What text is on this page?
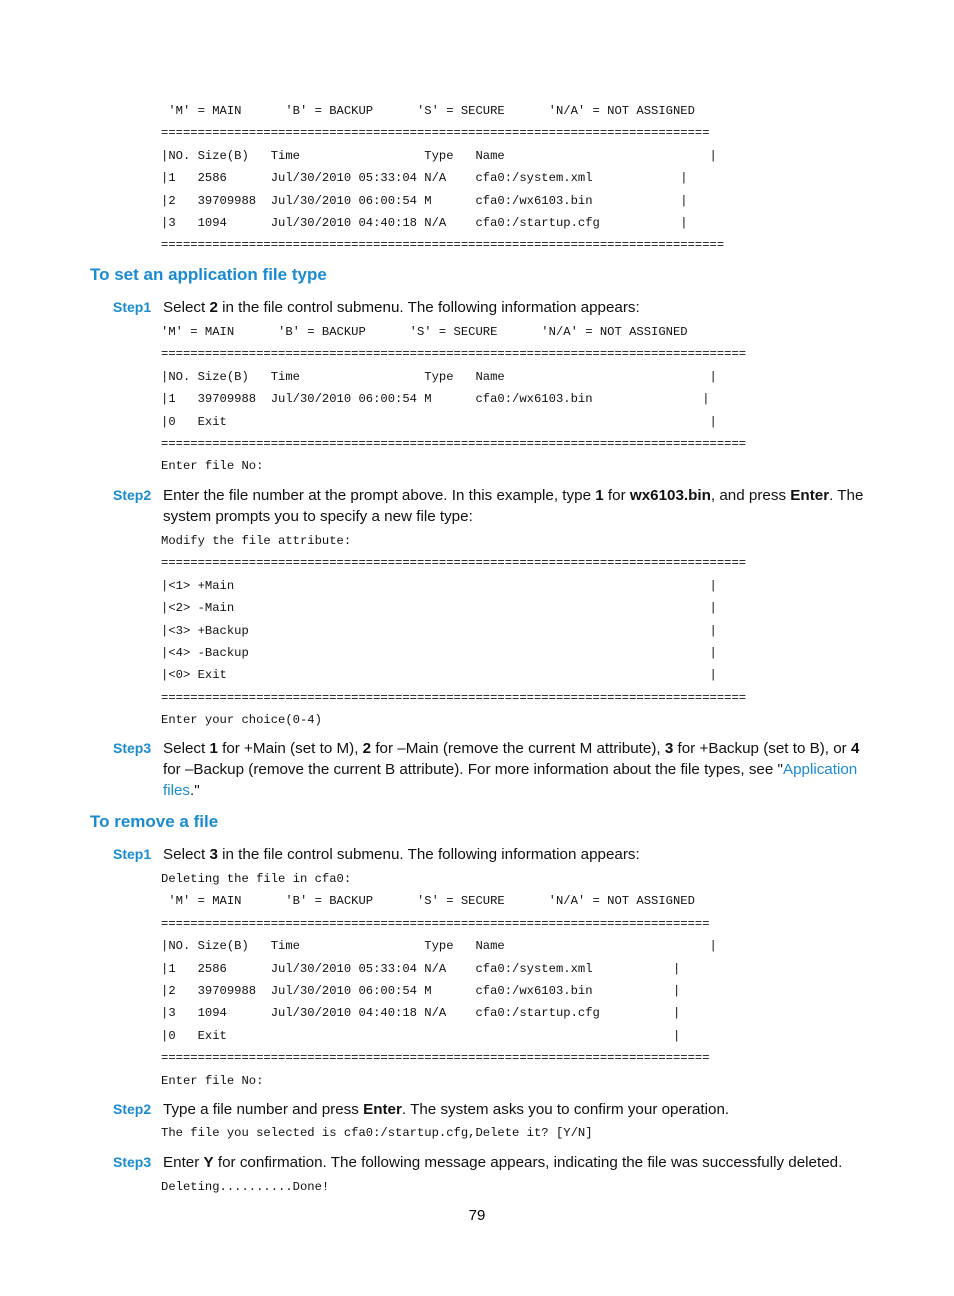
'M' = MAIN      'B' = BACKUP      'S' = SECURE      'N/A' = NOT ASSIGNED
===========================================================================
|NO. Size(B)   Time                 Type   Name                            |
|1   2586      Jul/30/2010 05:33:04 N/A    cfa0:/system.xml            |
|2   39709988  Jul/30/2010 06:00:54 M      cfa0:/wx6103.bin            |
|3   1094      Jul/30/2010 04:40:18 N/A    cfa0:/startup.cfg           |
=============================================================================
To set an application file type
Step1 Select 2 in the file control submenu. The following information appears:
'M' = MAIN      'B' = BACKUP      'S' = SECURE      'N/A' = NOT ASSIGNED
================================================================================
|NO. Size(B)   Time                 Type   Name                            |
|1   39709988  Jul/30/2010 06:00:54 M      cfa0:/wx6103.bin               |
|0   Exit                                                                  |
================================================================================
Enter file No:
Step2 Enter the file number at the prompt above. In this example, type 1 for wx6103.bin, and press Enter. The system prompts you to specify a new file type:
Modify the file attribute:
================================================================================
|<1> +Main                                                                 |
|<2> -Main                                                                 |
|<3> +Backup                                                               |
|<4> -Backup                                                               |
|<0> Exit                                                                  |
================================================================================
Enter your choice(0-4)
Step3 Select 1 for +Main (set to M), 2 for –Main (remove the current M attribute), 3 for +Backup (set to B), or 4 for –Backup (remove the current B attribute). For more information about the file types, see "Application files."
To remove a file
Step1 Select 3 in the file control submenu. The following information appears:
Deleting the file in cfa0:
'M' = MAIN      'B' = BACKUP      'S' = SECURE      'N/A' = NOT ASSIGNED
===========================================================================
|NO. Size(B)   Time                 Type   Name                            |
|1   2586      Jul/30/2010 05:33:04 N/A    cfa0:/system.xml           |
|2   39709988  Jul/30/2010 06:00:54 M      cfa0:/wx6103.bin           |
|3   1094      Jul/30/2010 04:40:18 N/A    cfa0:/startup.cfg          |
|0   Exit                                                             |
===========================================================================
Enter file No:
Step2 Type a file number and press Enter. The system asks you to confirm your operation.
The file you selected is cfa0:/startup.cfg,Delete it? [Y/N]
Step3 Enter Y for confirmation. The following message appears, indicating the file was successfully deleted.
Deleting..........Done!
79
